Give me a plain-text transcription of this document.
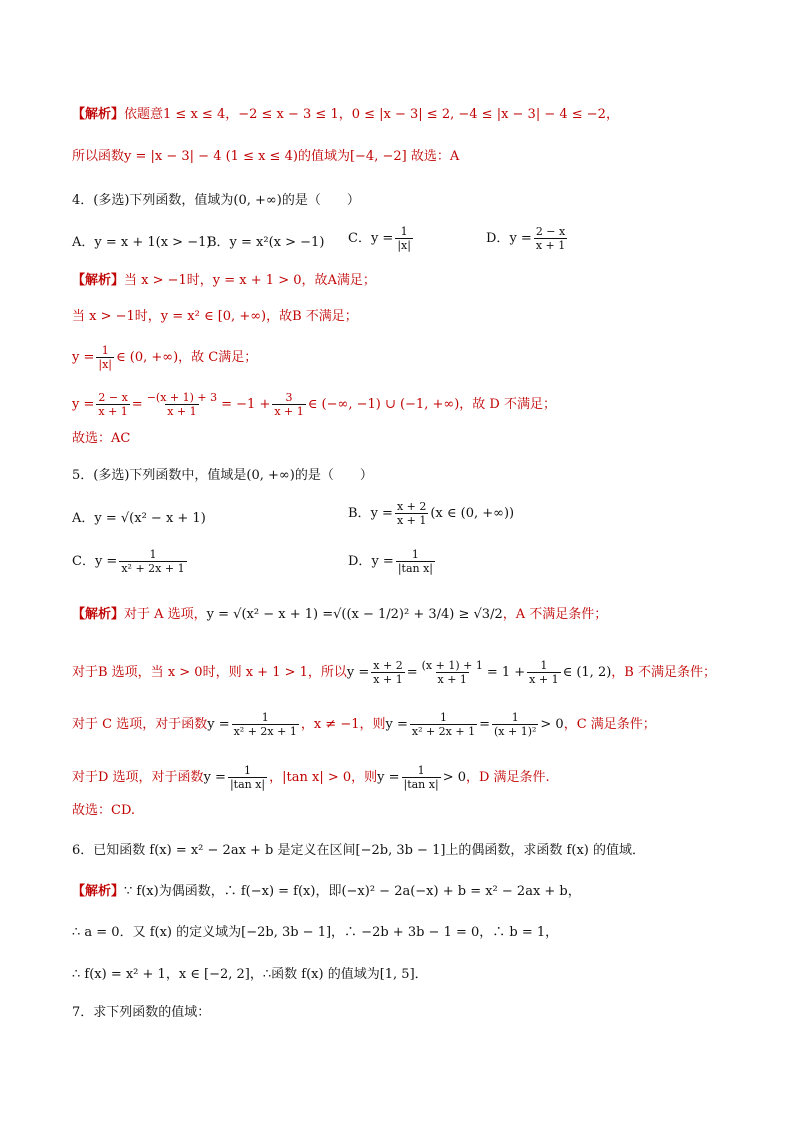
【解析】依题意1 ≤ x ≤ 4，−2 ≤ x − 3 ≤ 1，0 ≤ |x − 3| ≤ 2, −4 ≤ |x − 3| − 4 ≤ −2，
所以函数y = |x − 3| − 4 (1 ≤ x ≤ 4)的值域为[−4, −2] 故选：A
4．(多选)下列函数，值域为(0, +∞)的是（　　）
A．y = x + 1(x > −1)
B．y = x²(x > −1) C．$y = \frac{1}{|x|}$	D．$y = \frac{2 - x}{x + 1}$
【解析】当 x > −1时，y = x + 1 > 0，故A满足；
当 x > −1时，y = x² ∈ [0, +∞)，故B 不满足；
$y = \frac{1}{|x|}$ ∈ (0, +∞)，故 C满足；
$y = \frac{2 - x}{x + 1} = \frac{-(x + 1) + 3}{x + 1} = -1 + \frac{3}{x + 1}$ ∈ (−∞, −1) ∪ (−1, +∞)，故 D 不满足；
故选：AC
5．(多选)下列函数中，值域是(0, +∞)的是（　　）
A．y = √(x² − x + 1)	B．$y = \frac{x + 2}{x + 1} (x$ ∈ (0, +∞))
C．$y = \frac{1}{\text{x² + 2x + 1}}$	D．$y = \frac{1}{\text{|tan x|}}$
【解析】对于 A 选项，y = √(x² − x + 1) =√((x − 1/2)² + 3/4) ≥ √3/2，A 不满足条件；
对于B 选项，当 x > 0时，则 x + 1 > 1，所以$y = \frac{x + 2}{x + 1} = \frac{(x + 1) + 1}{x + 1} = 1 + \frac{1}{x + 1}$ ∈ (1, 2)，B 不满足条件；
对于 C 选项，对于函数$y = \frac{1}{\text{x² + 2x + 1}}$ ，x ≠ −1，则$y = \frac{1}{\text{x² + 2x + 1}} = \frac{1}{\text{(x + 1)²}} > 0$，C 满足条件；
对于D 选项，对于函数$y = \frac{1}{\text{|tan x|}}$ ，|tan x| > 0，则$y = \frac{1}{\text{|tan x|}} > 0$，D 满足条件.
故选：CD.
6．已知函数 f(x) = x² − 2ax + b 是定义在区间[−2b, 3b − 1]上的偶函数，求函数 f(x) 的值域．
【解析】∵ f(x)为偶函数，∴ f(−x) = f(x)，即(−x)² − 2a(−x) + b = x² − 2ax + b，
∴ a = 0．又 f(x) 的定义域为[−2b, 3b − 1]，∴ −2b + 3b − 1 = 0，∴ b = 1，
∴ f(x) = x² + 1，x ∈ [−2, 2]，∴函数 f(x) 的值域为[1, 5]．
7．求下列函数的值域：
